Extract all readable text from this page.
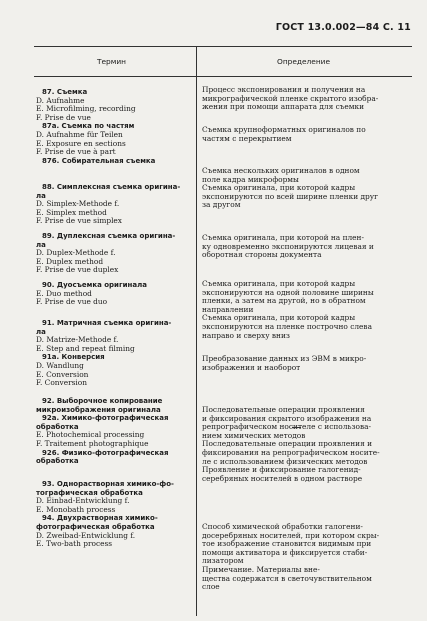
ГОСТ 13.0.002—84 С. 11
Термин	Определение
87. Съемка
D. Aufnahme
E. Microfilming, recording
F. Prise de vue
87a. Съемка по частям
D. Aufnahme für Teilen
E. Exposure en sections
F. Prise de vue à part
876. Собирательная съемка
88. Симплексная съемка оригина-
ла
D. Simplex-Methode f.
E. Simplex method
F. Prise de vue simplex
89. Дуплексная съемка оригина-
ла
D. Duplex-Methode f.
E. Duplex method
F. Prise de vue duplex
90. Дуосъемка оригинала
E. Duo method
F. Prise de vue duo
91. Матричная съемка оригина-
ла
D. Matrize-Methode f.
E. Step and repeat filming
91a. Конверсия
D. Wandlung
E. Conversion
F. Conversion
92. Выборочное копирование
микроизображения оригинала
92a. Химико-фотографическая
обработка
E. Photochemical processing
F. Traitement photographique
926. Физико-фотографическая
обработка
93. Однорастворная химико-фо-
тографическая обработка
D. Einbad-Entwicklung f.
E. Monobath process
94. Двухрастворная химико-
фотографическая обработка
D. Zweibad-Entwicklung f.
E. Two-bath process
Процесс экспонирования и получения на
микрографической пленке скрытого изобра-
жения при помощи аппарата для съемки
Съемка крупноформатных оригиналов по
частям с перекрытием
Съемка нескольких оригиналов в одном
поле кадра микроформы
Съемка оригинала, при которой кадры
экспонируются по всей ширине пленки друг
за другом
Съемка оригинала, при которой на плен-
ку одновременно экспонируются лицевая и
оборотная стороны документа
Съемка оригинала, при которой кадры
экспонируются на одной половине ширины
пленки, а затем на другой, но в обратном
направлении
Съемка оригинала, при которой кадры
экспонируются на пленке построчно слева
направо и сверху вниз
Преобразование данных из ЭВМ в микро-
изображения и наоборот
Последовательные операции проявления
и фиксирования скрытого изображения на
репрографическом носителе с использова-
нием химических методов
Последовательные операции проявления и
фиксирования на репрографическом носите-
ле с использованием физических методов
Проявление и фиксирование галогенид-
серебряных носителей в одном растворе
Способ химической обработки галогени-
досеребряных носителей, при котором скры-
тое изображение становится видимым при
помощи активатора и фиксируется стаби-
лизатором
Примечание. Материалы вне-
щества содержатся в светочувствительном
слое
